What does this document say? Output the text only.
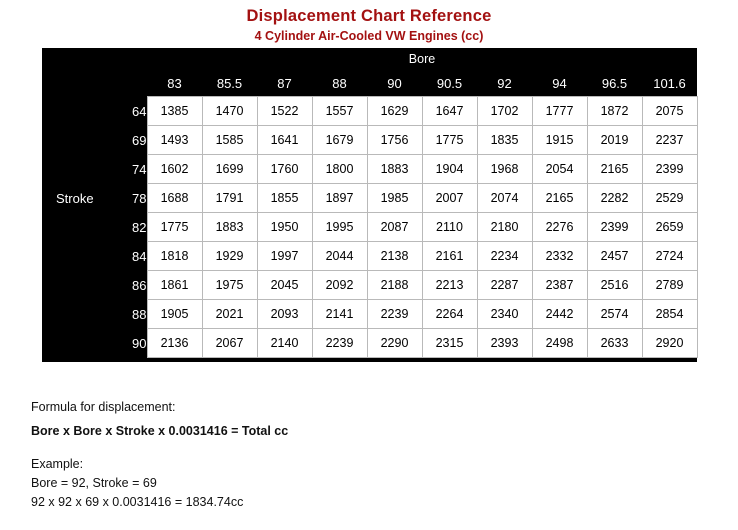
Displacement Chart Reference
4 Cylinder Air-Cooled VW Engines (cc)
	Bore									
	83	85.5	87	88	90	90.5	92	94	96.5	101.6

64	1385	1470	1522	1557	1629	1647	1702	1777	1872	2075

69	1493	1585	1641	1679	1756	1775	1835	1915	2019	2237

74	1602	1699	1760	1800	1883	1904	1968	2054	2165	2399

Stroke 78	1688	1791	1855	1897	1985	2007	2074	2165	2282	2529

82	1775	1883	1950	1995	2087	2110	2180	2276	2399	2659

84	1818	1929	1997	2044	2138	2161	2234	2332	2457	2724

86	1861	1975	2045	2092	2188	2213	2287	2387	2516	2789

88	1905	2021	2093	2141	2239	2264	2340	2442	2574	2854

90	2136	2067	2140	2239	2290	2315	2393	2498	2633	2920

Formula for displacement:
Bore x Bore x Stroke x 0.0031416 = Total cc
Example:
Bore = 92, Stroke = 69
92 x 92 x 69 x 0.0031416 = 1834.74cc
